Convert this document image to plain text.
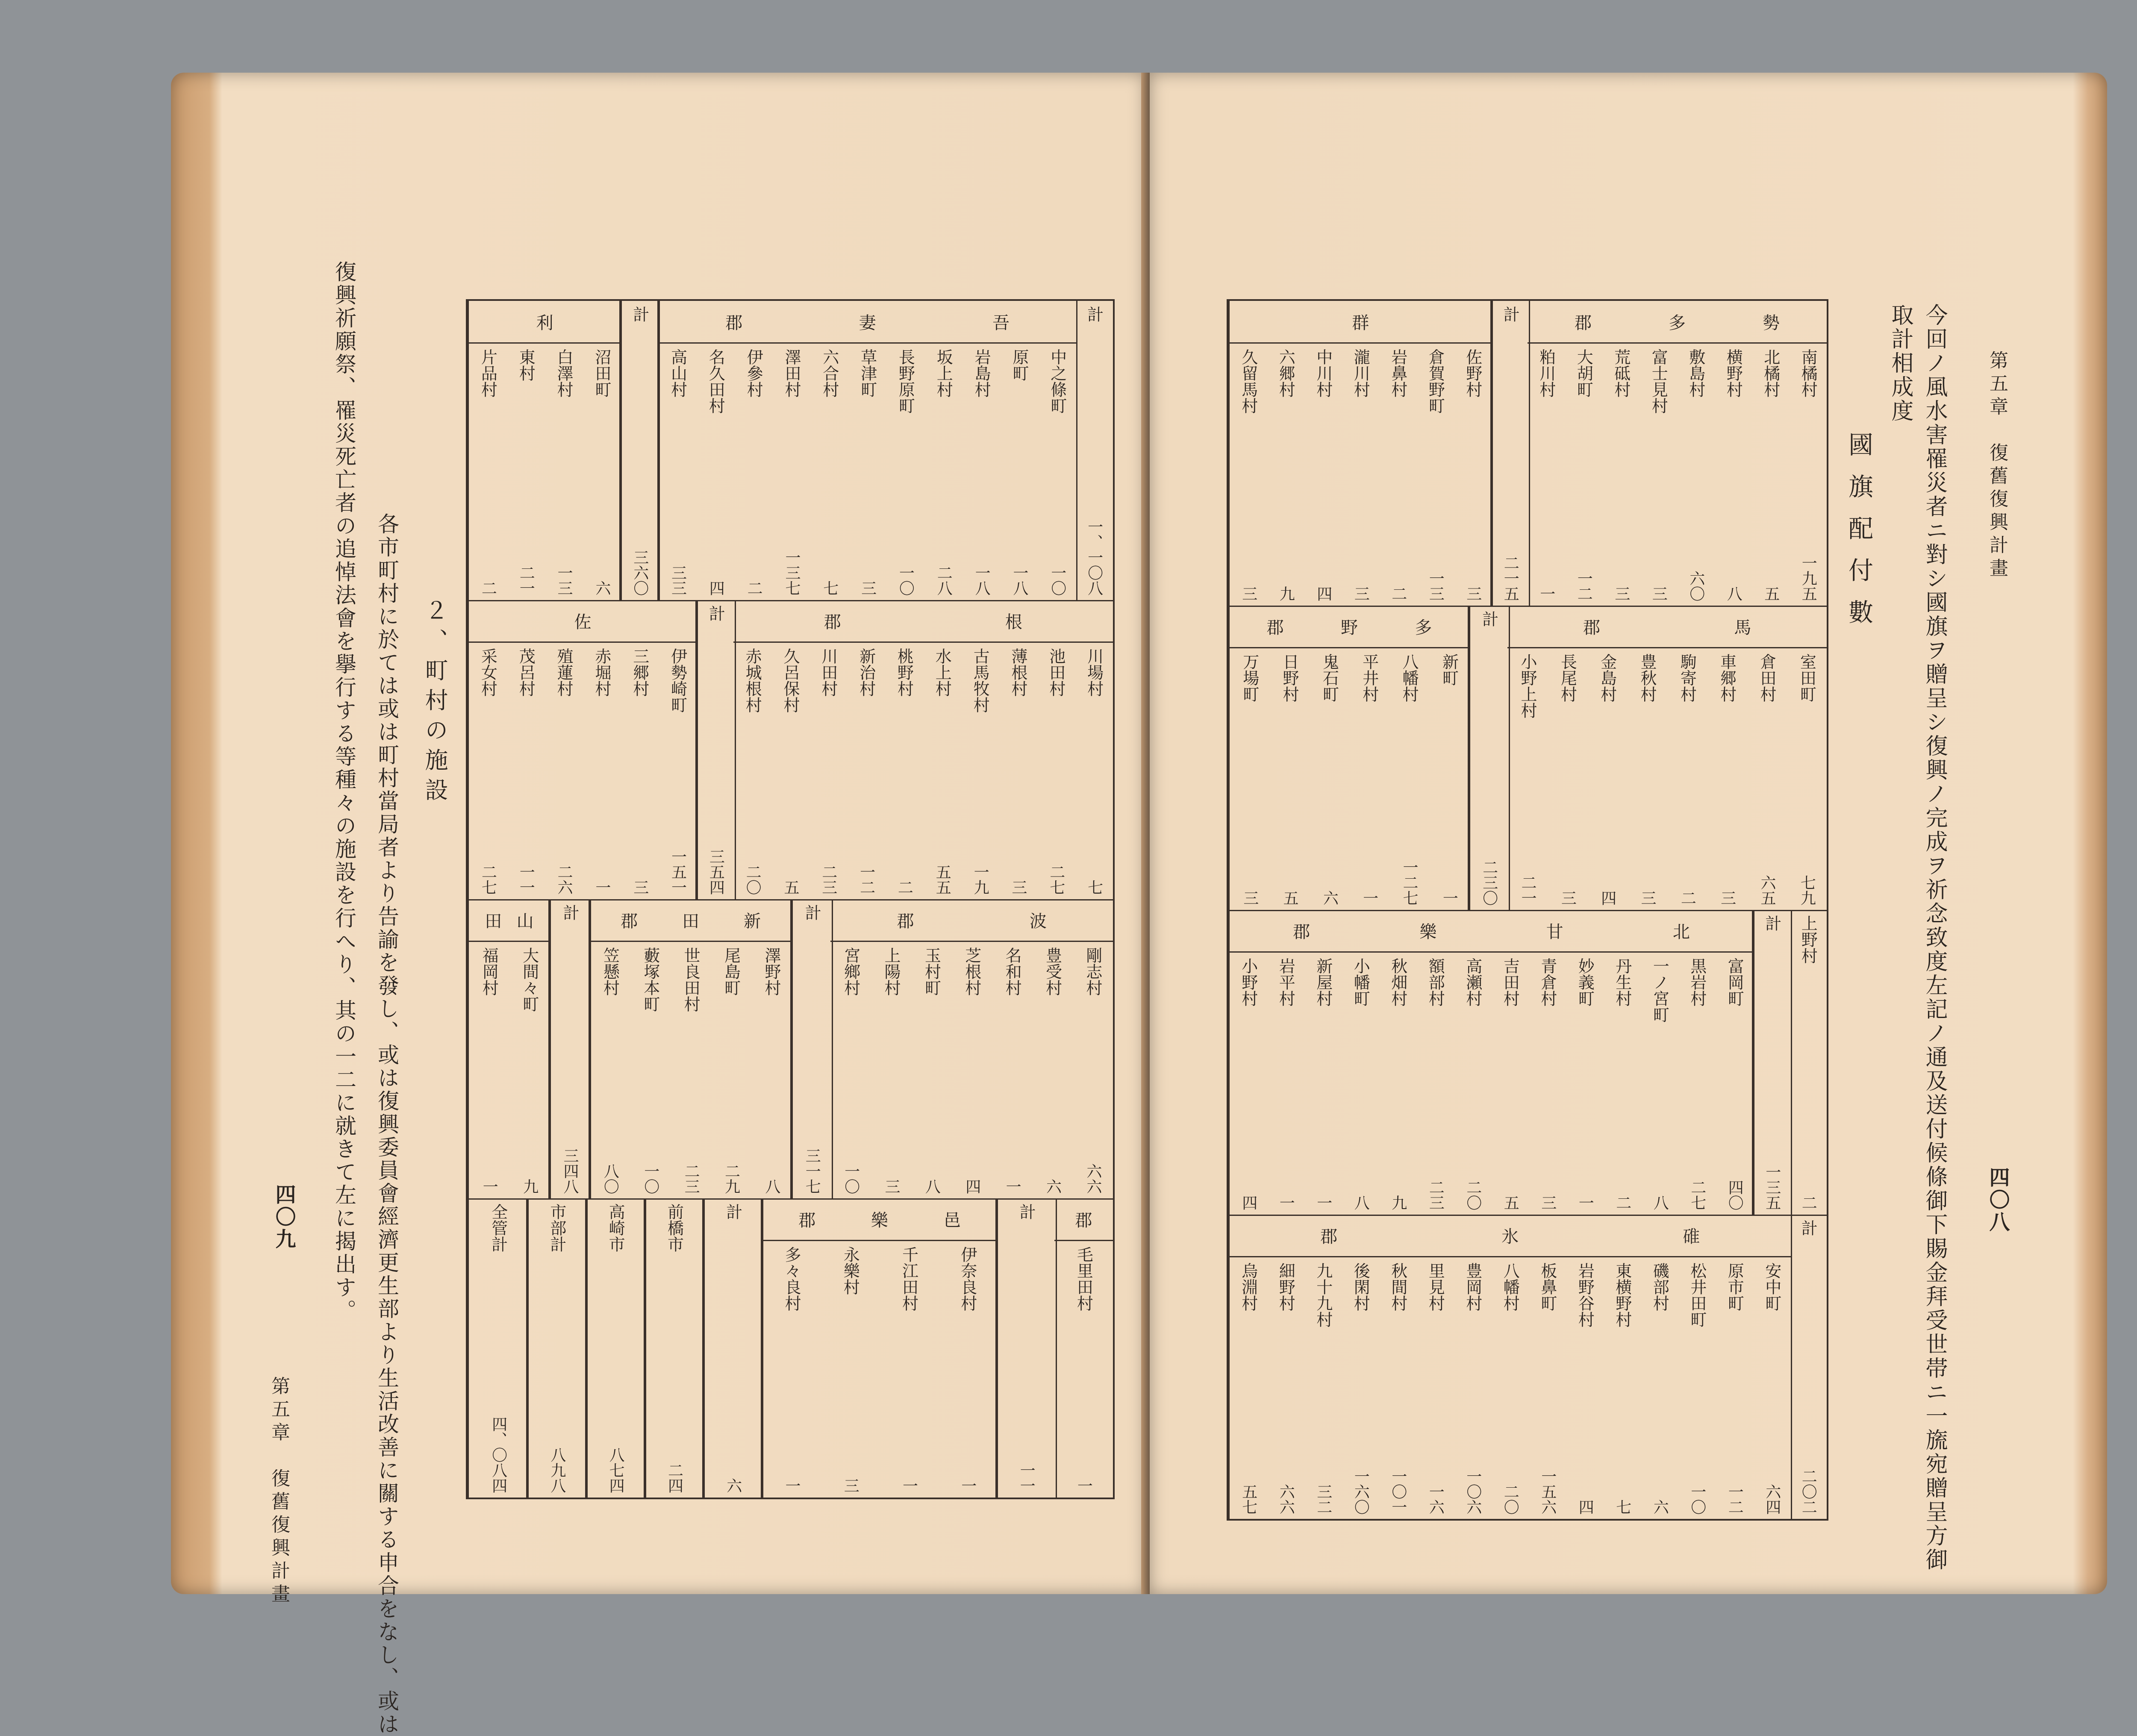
第五章　復舊復興計畫
四〇八
今回ノ風水害罹災者ニ對シ國旗ヲ贈呈シ復興ノ完成ヲ祈念致度左記ノ通及送付候條御下賜金拜受世帯ニ一旒宛贈呈方御
取計相成度
國旗配付數
勢
多
郡
南橘村
一九五
北橘村
五
横野村
八
敷島村
六〇
富士見村
三
荒砥村
三
大胡町
一二
粕川村
一
計
二一五
群
佐野村
三
倉賀野町
一三
岩鼻村
二
瀧川村
三
中川村
四
六郷村
九
久留馬村
三
馬
郡
室田町
七九
倉田村
六五
車郷村
三
駒寄村
二
豊秋村
三
金島村
四
長尾村
三
小野上村
二一
計
二三〇
多
野
郡
新町
一
八幡村
一二七
平井村
一
鬼石町
六
日野村
五
万場町
三
上野村
二
計
一三五
北
甘
樂
郡
富岡町
四〇
黒岩村
二七
一ノ宮町
八
丹生村
二
妙義町
一
青倉村
三
吉田村
五
高瀬村
二〇
額部村
二三
秋畑村
九
小幡町
八
新屋村
一
岩平村
一
小野村
四
計
二〇二
碓
氷
郡
安中町
六四
原市町
一二
松井田町
一〇
磯部村
六
東横野村
七
岩野谷村
四
板鼻町
一五六
八幡村
二〇
豊岡村
一〇六
里見村
一六
秋間村
一〇一
後閑村
一六〇
九十九村
三二
細野村
六六
烏淵村
五七
第五章　復舊復興計畫
四〇九	各市町村に於ては或は町村當局者より告諭を發し、或は復興委員會經濟更生部より生活改善に關する申合をなし、或は
復興祈願祭、罹災死亡者の追悼法會を擧行する等種々の施設を行へり、其の一二に就きて左に揭出す。	２、町村の施設
計
一、一〇八
吾
妻
郡
中之條町
一〇
原町
一八
岩島村
一八
坂上村
二八
長野原町
一〇
草津町
三
六合村
七
澤田村
一三七
伊參村
二
名久田村
四
高山村
三三
計
三六〇
利
沼田町
六
白澤村
一三
東村
二一
片品村
二
根
郡
川場村
七
池田村
二七
薄根村
三
古馬牧村
一九
水上村
五五
桃野村
二
新治村
一二
川田村
二三
久呂保村
五
赤城根村
二〇
計
三五四
佐
伊勢崎町
一五一
三郷村
三
赤堀村
一
殖蓮村
二六
茂呂村
一一
采女村
二七
波
郡
剛志村
六六
豊受村
六
名和村
一
芝根村
四
玉村町
八
上陽村
三
宮鄉村
一〇
計
三一七
新
田
郡
澤野村
八
尾島町
二九
世良田村
二三
藪塚本町
一〇
笠懸村
八〇
計
三四八
山
田
大間々町
九
福岡村
一
郡
毛里田村
一
計
一一
邑
樂
郡
伊奈良村
一
千江田村
一
永樂村
三
多々良村
一
計
六
前橋市
二四
高崎市
八七四
市部計
八九八
全管計
四、〇八四
